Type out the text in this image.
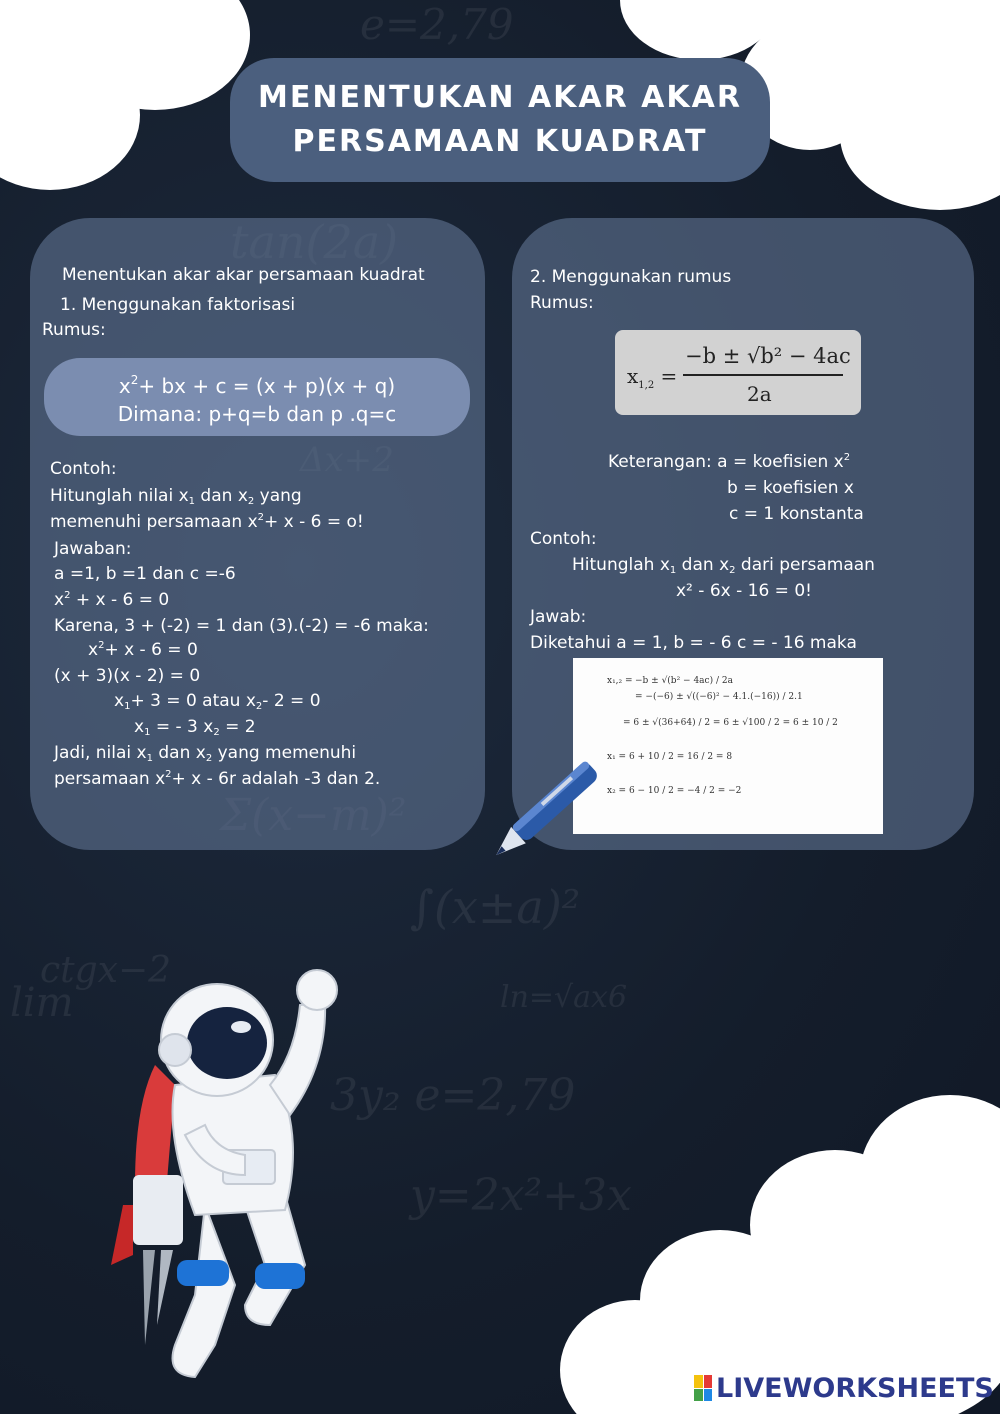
e=2,79
∫(x±a)²
ctgx−2
y=2x²+3x
3y₂ e=2,79
ln=√ax6
lim
MENENTUKAN AKAR AKAR
PERSAMAAN KUADRAT
Menentukan akar akar persamaan kuadrat
1. Menggunakan faktorisasi
Rumus:
$x^2+$ bx + c = (x + p)(x + q)
Dimana: p+q=b dan p .q=c
Contoh:
Hitunglah nilai $x_1$ dan $x_2$ yang
memenuhi persamaan $x^2+ x - 6 = o$!
Jawaban:
a =1, b =1 dan c =-6
$x^2 + x - 6 = 0$
Karena, 3 + (-2) = 1 dan (3).(-2) = -6 maka:
$x^2+ x - 6 = 0$
(x + 3)(x - 2) = 0
$x_1+ 3 = 0$ atau $x_2-$ 2 = 0
$x_1$ = - 3 $x_2 = 2$
Jadi, nilai $x_1$ dan $x_2$ yang memenuhi
persamaan $x^2+ x - 6r$ adalah -3 dan 2.
2. Menggunakan rumus
Rumus:
$x_{1,2}$ =
−b ± √b² − 4ac
2a
Keterangan: a = koefisien $x^2$
b = koefisien x
c = 1 konstanta
Contoh:
Hitunglah $x_1$ dan $x_2$ dari persamaan
x² - 6x - 16 = 0!
Jawab:
Diketahui a = 1, b = - 6 c = - 16 maka
x₁,₂ = −b ± √(b² − 4ac) / 2a
= −(−6) ± √((−6)² − 4.1.(−16)) / 2.1
= 6 ± √(36+64) / 2 = 6 ± √100 / 2 = 6 ± 10 / 2
x₁ = 6 + 10 / 2 = 16 / 2 = 8
x₂ = 6 − 10 / 2 = −4 / 2 = −2
LIVEWORKSHEETS
